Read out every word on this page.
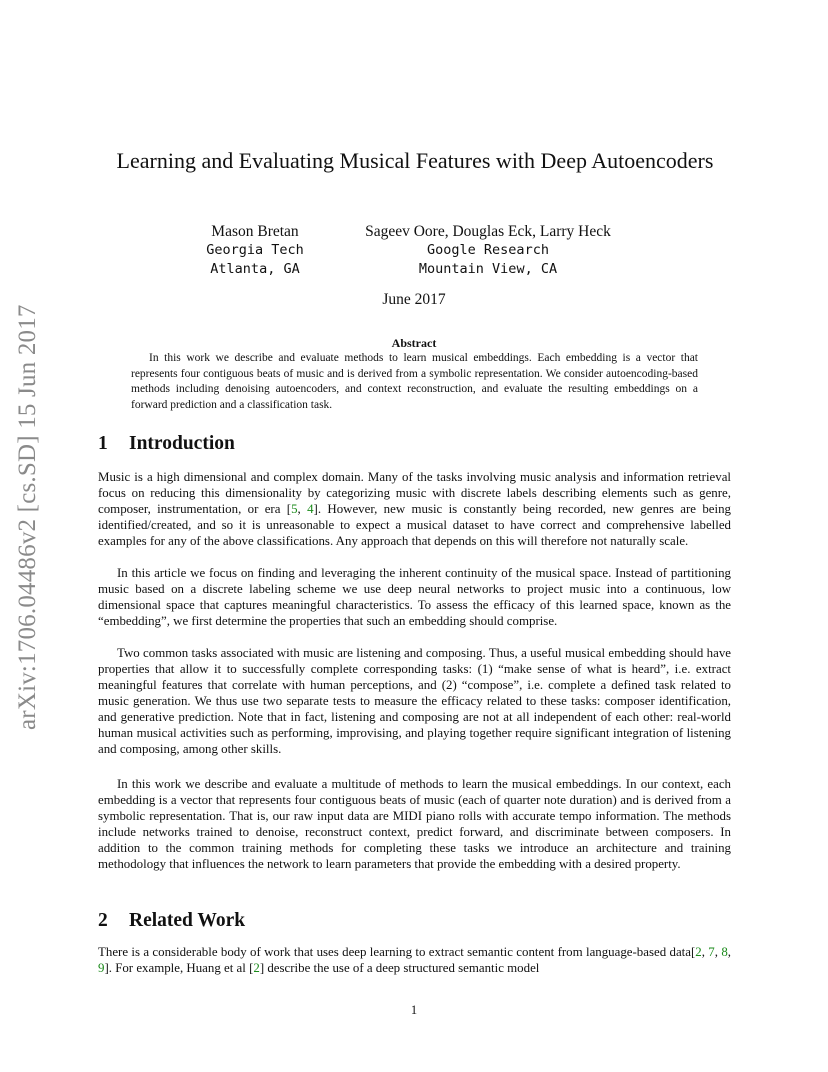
arXiv:1706.04486v2 [cs.SD] 15 Jun 2017
Learning and Evaluating Musical Features with Deep Autoencoders
Mason Bretan
Georgia Tech
Atlanta, GA
Sageev Oore, Douglas Eck, Larry Heck
Google Research
Mountain View, CA
June 2017
Abstract

In this work we describe and evaluate methods to learn musical embeddings. Each embedding is a vector that represents four contiguous beats of music and is derived from a symbolic representation. We consider autoencoding-based methods including denoising autoencoders, and context reconstruction, and evaluate the resulting embeddings on a forward prediction and a classification task.

1 Introduction

Music is a high dimensional and complex domain. Many of the tasks involving music analysis and information retrieval focus on reducing this dimensionality by categorizing music with discrete labels describing elements such as genre, composer, instrumentation, or era [5, 4]. However, new music is constantly being recorded, new genres are being identified/created, and so it is unreasonable to expect a musical dataset to have correct and comprehensive labelled examples for any of the above classifications. Any approach that depends on this will therefore not naturally scale.

In this article we focus on finding and leveraging the inherent continuity of the musical space. Instead of partitioning music based on a discrete labeling scheme we use deep neural networks to project music into a continuous, low dimensional space that captures meaningful characteristics. To assess the efficacy of this learned space, known as the “embedding”, we first determine the properties that such an embedding should comprise.

Two common tasks associated with music are listening and composing. Thus, a useful musical embedding should have properties that allow it to successfully complete corresponding tasks: (1) “make sense of what is heard”, i.e. extract meaningful features that correlate with human perceptions, and (2) “compose”, i.e. complete a defined task related to music generation. We thus use two separate tests to measure the efficacy related to these tasks: composer identification, and generative prediction. Note that in fact, listening and composing are not at all independent of each other: real-world human musical activities such as performing, improvising, and playing together require significant integration of listening and composing, among other skills.

In this work we describe and evaluate a multitude of methods to learn the musical embeddings. In our context, each embedding is a vector that represents four contiguous beats of music (each of quarter note duration) and is derived from a symbolic representation. That is, our raw input data are MIDI piano rolls with accurate tempo information. The methods include networks trained to denoise, reconstruct context, predict forward, and discriminate between composers. In addition to the common training methods for completing these tasks we introduce an architecture and training methodology that influences the network to learn parameters that provide the embedding with a desired property.

2 Related Work

There is a considerable body of work that uses deep learning to extract semantic content from language-based data[2, 7, 8, 9]. For example, Huang et al [2] describe the use of a deep structured semantic model

1
